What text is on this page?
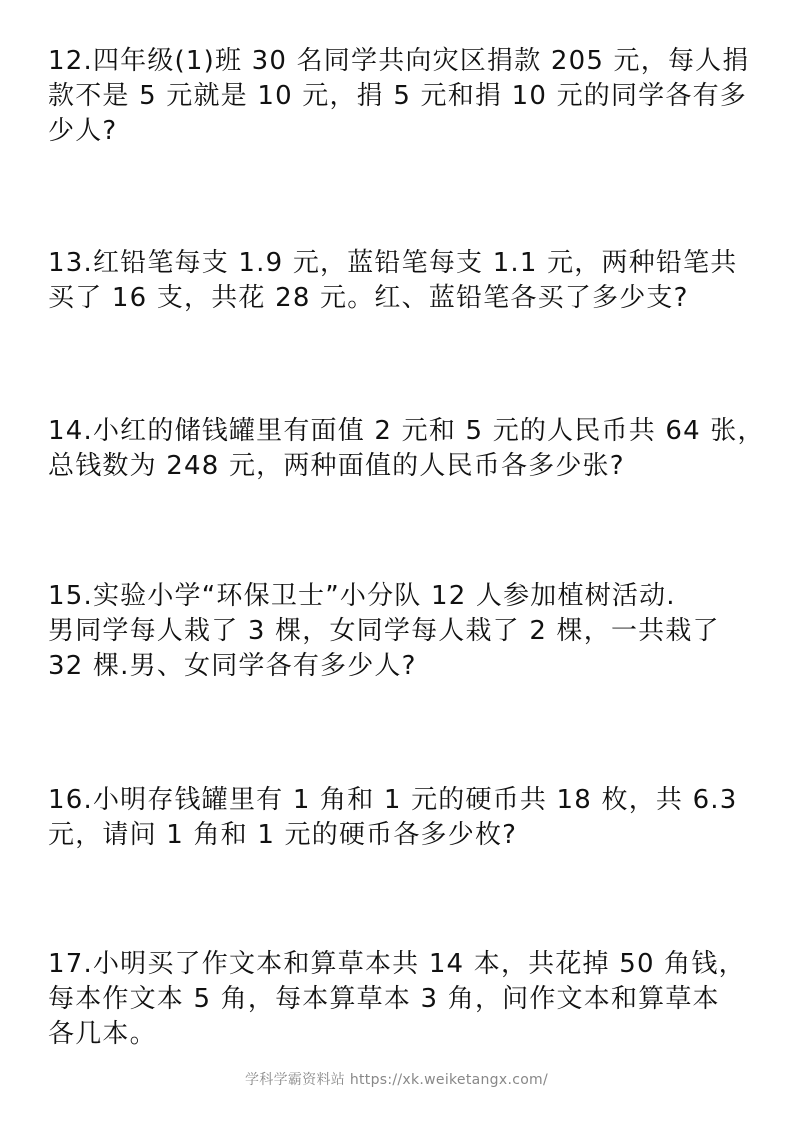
12.四年级(1)班 30 名同学共向灾区捐款 205 元，每人捐
款不是 5 元就是 10 元，捐 5 元和捐 10 元的同学各有多
少人?
13.红铅笔每支 1.9 元，蓝铅笔每支 1.1 元，两种铅笔共
买了 16 支，共花 28 元。红、蓝铅笔各买了多少支?
14.小红的储钱罐里有面值 2 元和 5 元的人民币共 64 张，
总钱数为 248 元，两种面值的人民币各多少张?
15.实验小学“环保卫士”小分队 12 人参加植树活动.
男同学每人栽了 3 棵，女同学每人栽了 2 棵，一共栽了
32 棵.男、女同学各有多少人?
16.小明存钱罐里有 1 角和 1 元的硬币共 18 枚，共 6.3
元，请问 1 角和 1 元的硬币各多少枚?
17.小明买了作文本和算草本共 14 本，共花掉 50 角钱，
每本作文本 5 角，每本算草本 3 角，问作文本和算草本
各几本。
学科学霸资料站 https://xk.weiketangx.com/
